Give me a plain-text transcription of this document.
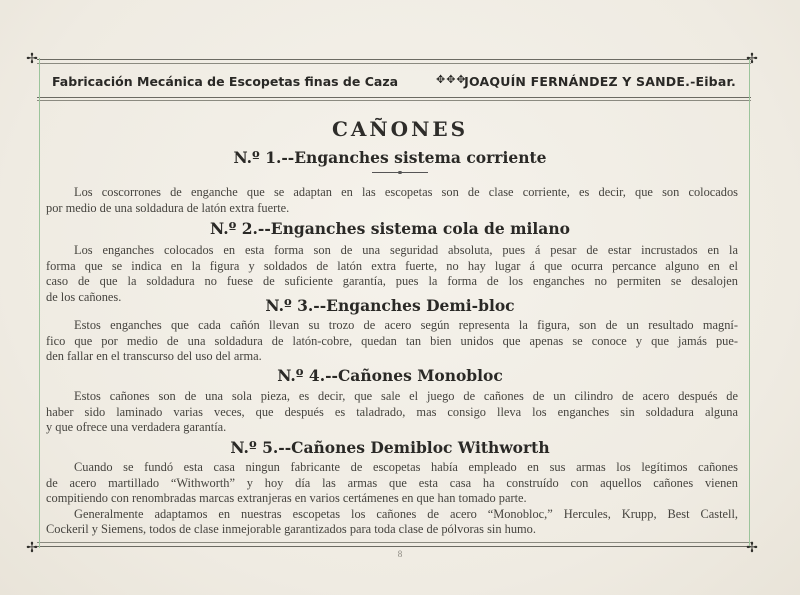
✢	✢
✢	✢
Fabricación Mecánica de Escopetas finas de Caza	✥✥✥
JOAQUÍN FERNÁNDEZ Y SANDE.-Eibar.
CAÑONES
N.º 1.--Enganches sistema corriente
Los coscorrones de enganche que se adaptan en las escopetas son de clase corriente, es decir, que son colocados
por medio de una soldadura de latón extra fuerte.
N.º 2.--Enganches sistema cola de milano
Los enganches colocados en esta forma son de una seguridad absoluta, pues á pesar de estar incrustados en la
forma que se indica en la figura y soldados de latón extra fuerte, no hay lugar á que ocurra percance alguno en el
caso de que la soldadura no fuese de suficiente garantía, pues la forma de los enganches no permiten se desalojen
de los cañones.	N.º 3.--Enganches Demi-bloc
Estos enganches que cada cañón llevan su trozo de acero según representa la figura, son de un resultado magní-
fico que por medio de una soldadura de latón-cobre, quedan tan bien unidos que apenas se conoce y que jamás pue-
den fallar en el transcurso del uso del arma.
N.º 4.--Cañones Monobloc
Estos cañones son de una sola pieza, es decir, que sale el juego de cañones de un cilindro de acero después de
haber sido laminado varias veces, que después es taladrado, mas consigo lleva los enganches sin soldadura alguna
y que ofrece una verdadera garantía.
N.º 5.--Cañones Demibloc Withworth
Cuando se fundó esta casa ningun fabricante de escopetas había empleado en sus armas los legítimos cañones
de acero martillado “Withworth” y hoy día las armas que esta casa ha construído con aquellos cañones vienen
compitiendo con renombradas marcas extranjeras en varios certámenes en que han tomado parte.
Generalmente adaptamos en nuestras escopetas los cañones de acero “Monobloc,” Hercules, Krupp, Best Castell,
Cockeril y Siemens, todos de clase inmejorable garantizados para toda clase de pólvoras sin humo.
8
